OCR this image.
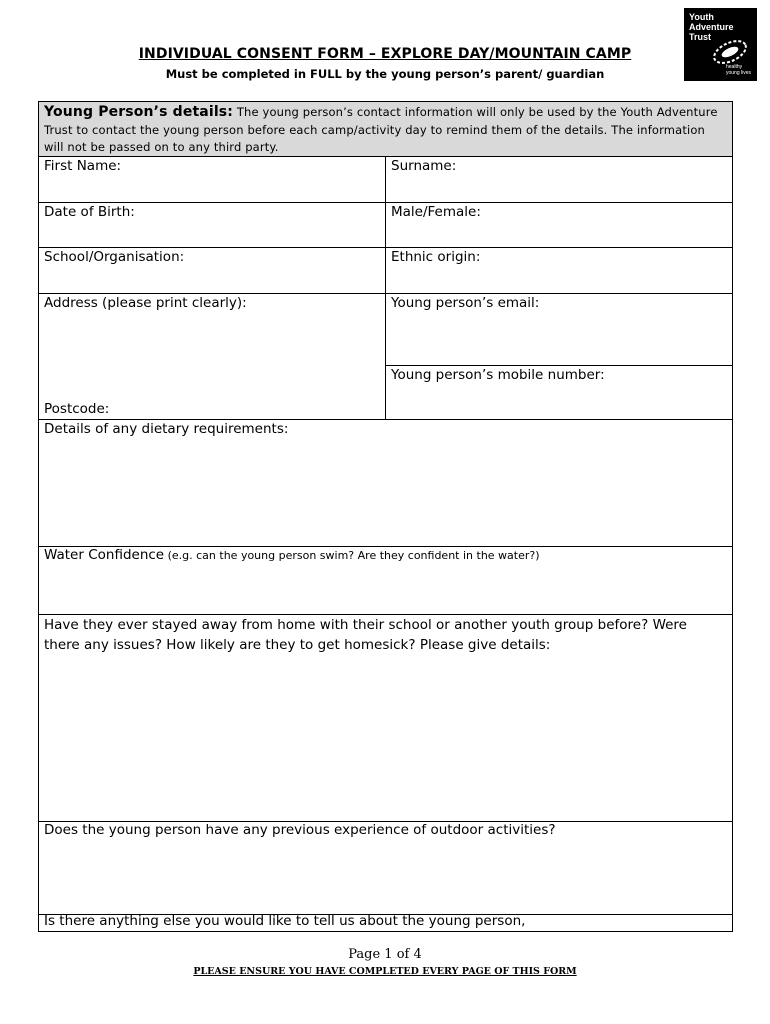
Youth
Adventure
Trust
healthy
young lives
INDIVIDUAL CONSENT FORM – EXPLORE DAY/MOUNTAIN CAMP
Must be completed in FULL by the young person’s parent/ guardian
Young Person’s details: The young person’s contact information will only be used by the Youth Adventure Trust to contact the young person before each camp/activity day to remind them of the details. The information will not be passed on to any third party.
First Name:	Surname:
Date of Birth:	Male/Female:
School/Organisation:	Ethnic origin:
Address (please print clearly):
Postcode:
Young person’s email:
Young person’s mobile number:
Details of any dietary requirements:
Water Confidence (e.g. can the young person swim? Are they confident in the water?)
Have they ever stayed away from home with their school or another youth group before? Were there any issues? How likely are they to get homesick? Please give details:
Does the young person have any previous experience of outdoor activities?
Is there anything else you would like to tell us about the young person,
Page 1 of 4
PLEASE ENSURE YOU HAVE COMPLETED EVERY PAGE OF THIS FORM
